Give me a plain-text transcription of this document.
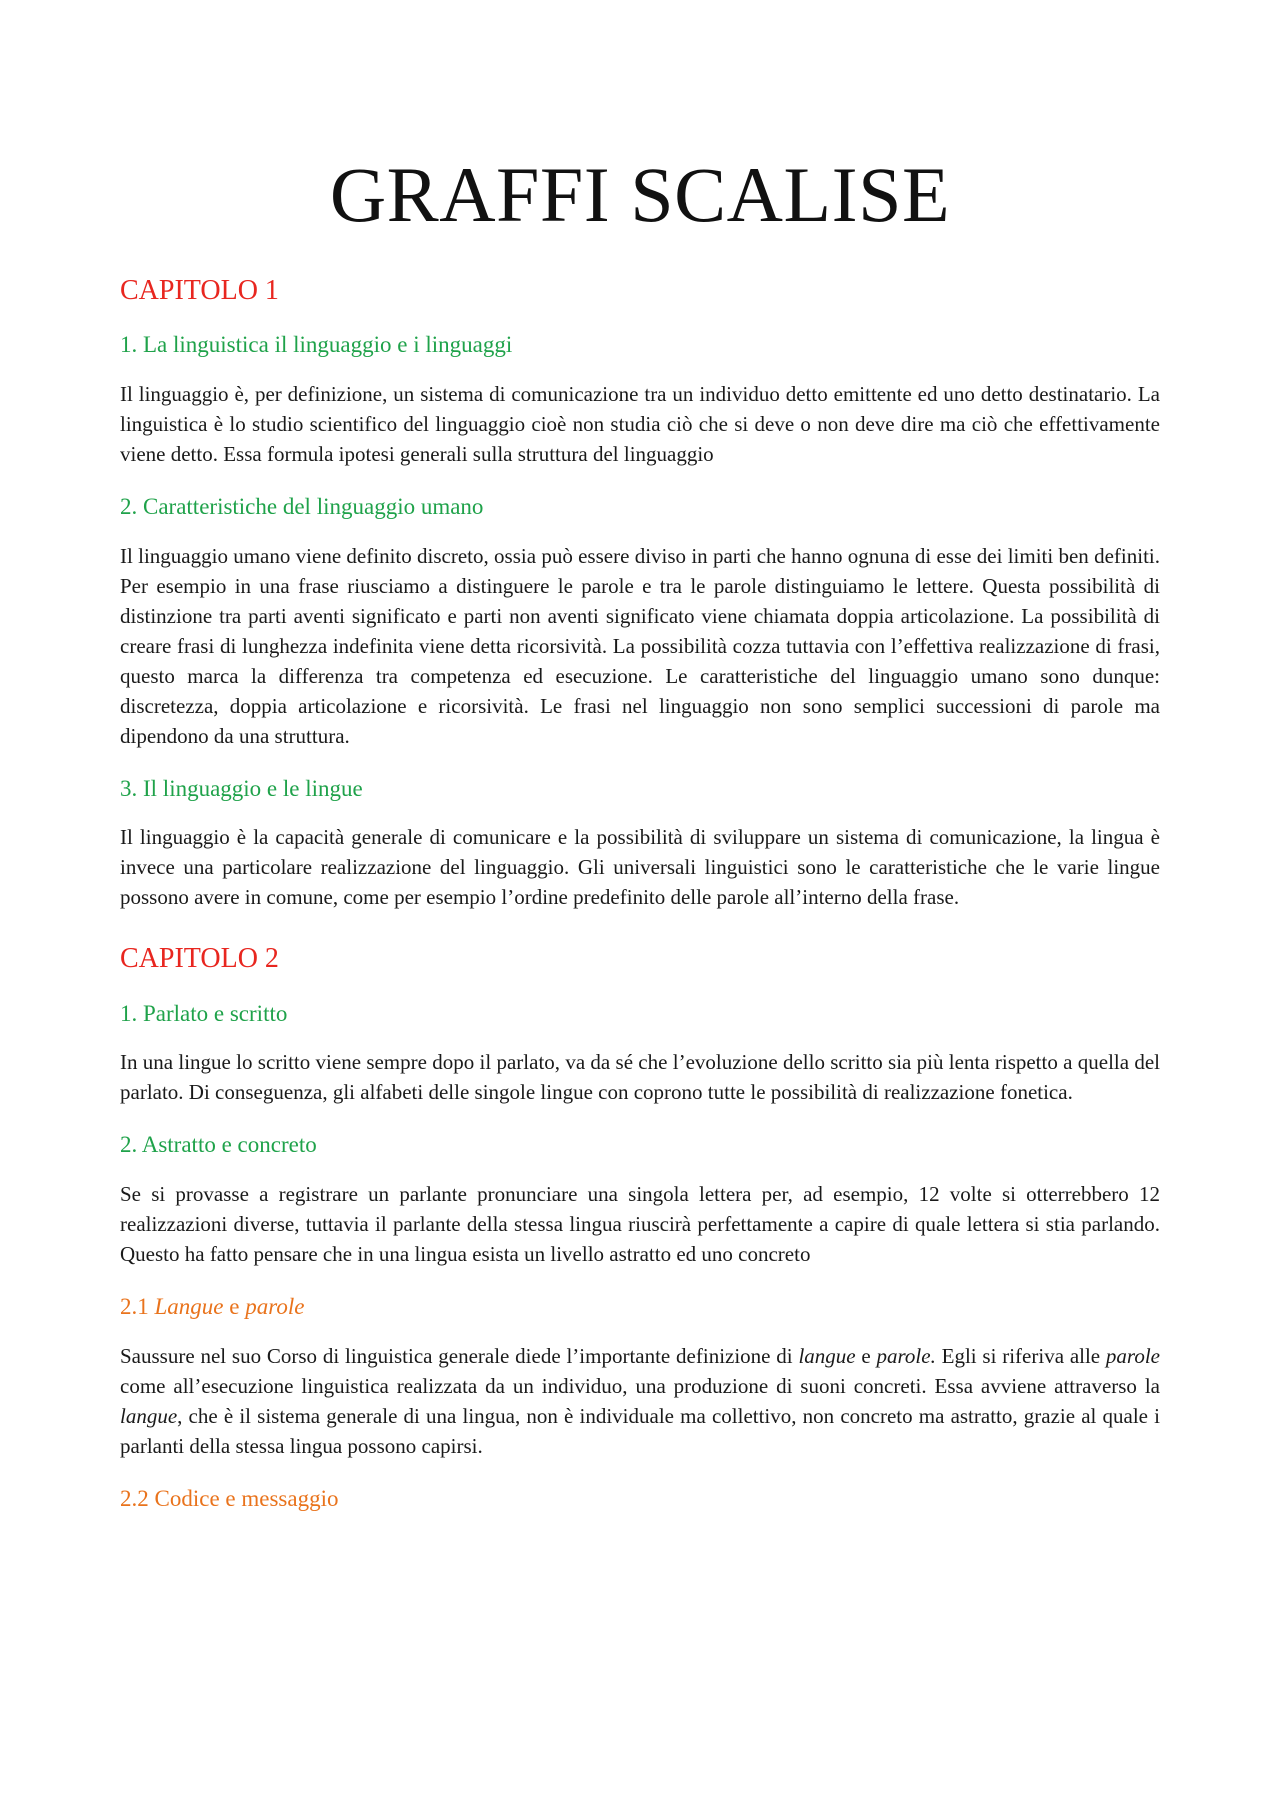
GRAFFI SCALISE
CAPITOLO 1
1. La linguistica il linguaggio e i linguaggi

Il linguaggio è, per definizione, un sistema di comunicazione tra un individuo detto emittente ed uno detto destinatario. La linguistica è lo studio scientifico del linguaggio cioè non studia ciò che si deve o non deve dire ma ciò che effettivamente viene detto. Essa formula ipotesi generali sulla struttura del linguaggio

2. Caratteristiche del linguaggio umano

Il linguaggio umano viene definito discreto, ossia può essere diviso in parti che hanno ognuna di esse dei limiti ben definiti. Per esempio in una frase riusciamo a distinguere le parole e tra le parole distinguiamo le lettere. Questa possibilità di distinzione tra parti aventi significato e parti non aventi significato viene chiamata doppia articolazione. La possibilità di creare frasi di lunghezza indefinita viene detta ricorsività. La possibilità cozza tuttavia con l’effettiva realizzazione di frasi, questo marca la differenza tra competenza ed esecuzione. Le caratteristiche del linguaggio umano sono dunque: discretezza, doppia articolazione e ricorsività. Le frasi nel linguaggio non sono semplici successioni di parole ma dipendono da una struttura.

3. Il linguaggio e le lingue

Il linguaggio è la capacità generale di comunicare e la possibilità di sviluppare un sistema di comunicazione, la lingua è invece una particolare realizzazione del linguaggio. Gli universali linguistici sono le caratteristiche che le varie lingue possono avere in comune, come per esempio l’ordine predefinito delle parole all’interno della frase.

CAPITOLO 2
1. Parlato e scritto

In una lingue lo scritto viene sempre dopo il parlato, va da sé che l’evoluzione dello scritto sia più lenta rispetto a quella del parlato. Di conseguenza, gli alfabeti delle singole lingue con coprono tutte le possibilità di realizzazione fonetica.

2. Astratto e concreto

Se si provasse a registrare un parlante pronunciare una singola lettera per, ad esempio, 12 volte si otterrebbero 12 realizzazioni diverse, tuttavia il parlante della stessa lingua riuscirà perfettamente a capire di quale lettera si stia parlando. Questo ha fatto pensare che in una lingua esista un livello astratto ed uno concreto

2.1 Langue e parole

Saussure nel suo Corso di linguistica generale diede l’importante definizione di langue e parole. Egli si riferiva alle parole come all’esecuzione linguistica realizzata da un individuo, una produzione di suoni concreti. Essa avviene attraverso la langue, che è il sistema generale di una lingua, non è individuale ma collettivo, non concreto ma astratto, grazie al quale i parlanti della stessa lingua possono capirsi.

2.2 Codice e messaggio
